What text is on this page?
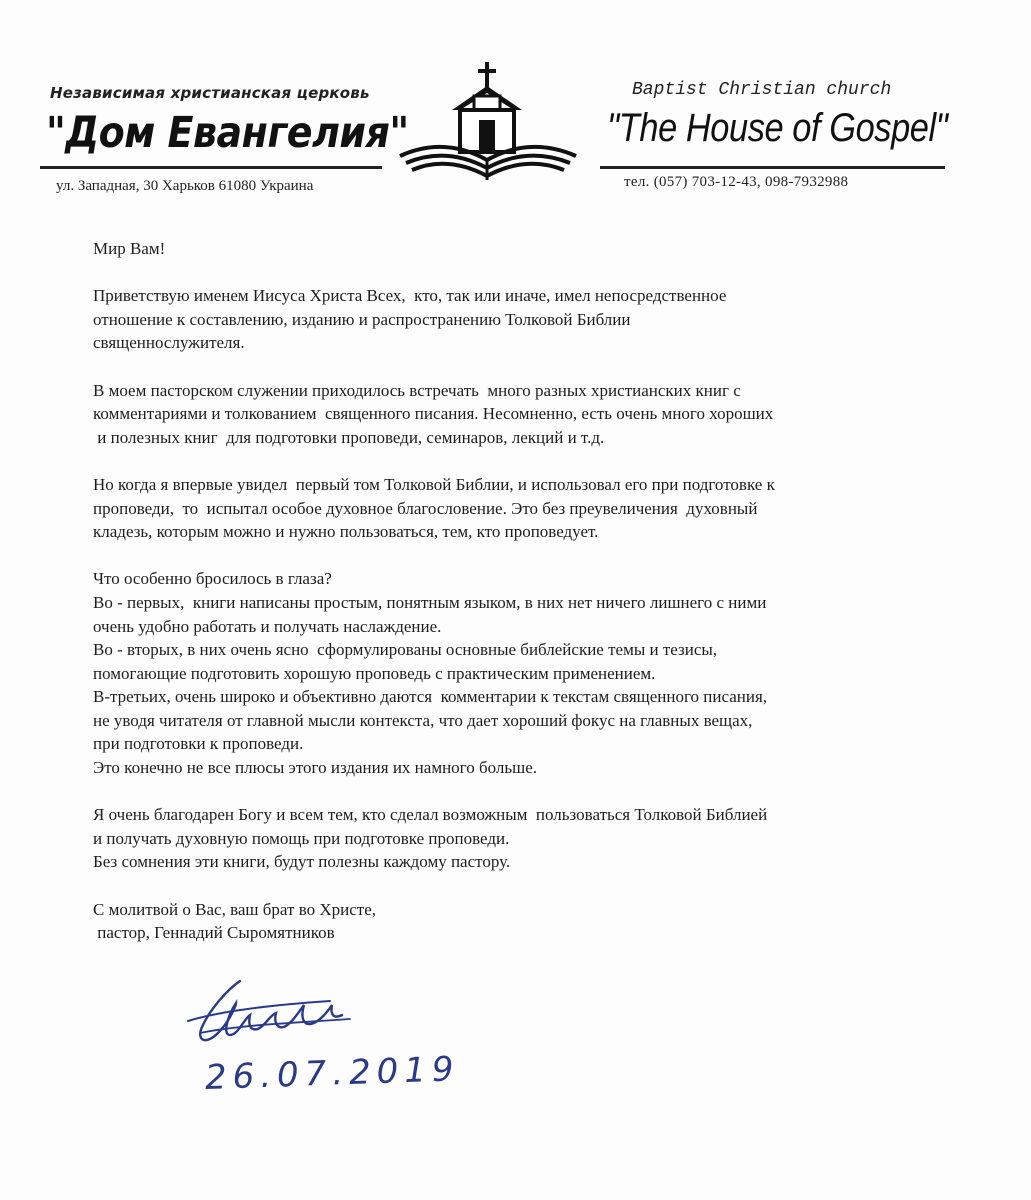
Независимая христианская церковь
"Дом Евангелия"
ул. Западная, 30 Харьков 61080 Украина
Baptist Christian church
"The House of Gospel"
тел. (057) 703-12-43, 098-7932988

Мир Вам!

Приветствую именем Иисуса Христа Всех,  кто, так или иначе, имел непосредственное
отношение к составлению, изданию и распространению Толковой Библии
священнослужителя.

В моем пасторском служении приходилось встречать  много разных христианских книг с
комментариями и толкованием  священного писания. Несомненно, есть очень много хороших
и полезных книг  для подготовки проповеди, семинаров, лекций и т.д.

Но когда я впервые увидел  первый том Толковой Библии, и использовал его при подготовке к
проповеди,  то  испытал особое духовное благословение. Это без преувеличения  духовный
кладезь, которым можно и нужно пользоваться, тем, кто проповедует.

Что особенно бросилось в глаза?
Во - первых,  книги написаны простым, понятным языком, в них нет ничего лишнего с ними
очень удобно работать и получать наслаждение.
Во - вторых, в них очень ясно  сформулированы основные библейские темы и тезисы,
помогающие подготовить хорошую проповедь с практическим применением.
В-третьих, очень широко и объективно даются  комментарии к текстам священного писания,
не уводя читателя от главной мысли контекста, что дает хороший фокус на главных вещах,
при подготовки к проповеди.
Это конечно не все плюсы этого издания их намного больше.

Я очень благодарен Богу и всем тем, кто сделал возможным  пользоваться Толковой Библией
и получать духовную помощь при подготовке проповеди.
Без сомнения эти книги, будут полезны каждому пастору.

С молитвой о Вас, ваш брат во Христе,
пастор, Геннадий Сыромятников

26.07.2019
